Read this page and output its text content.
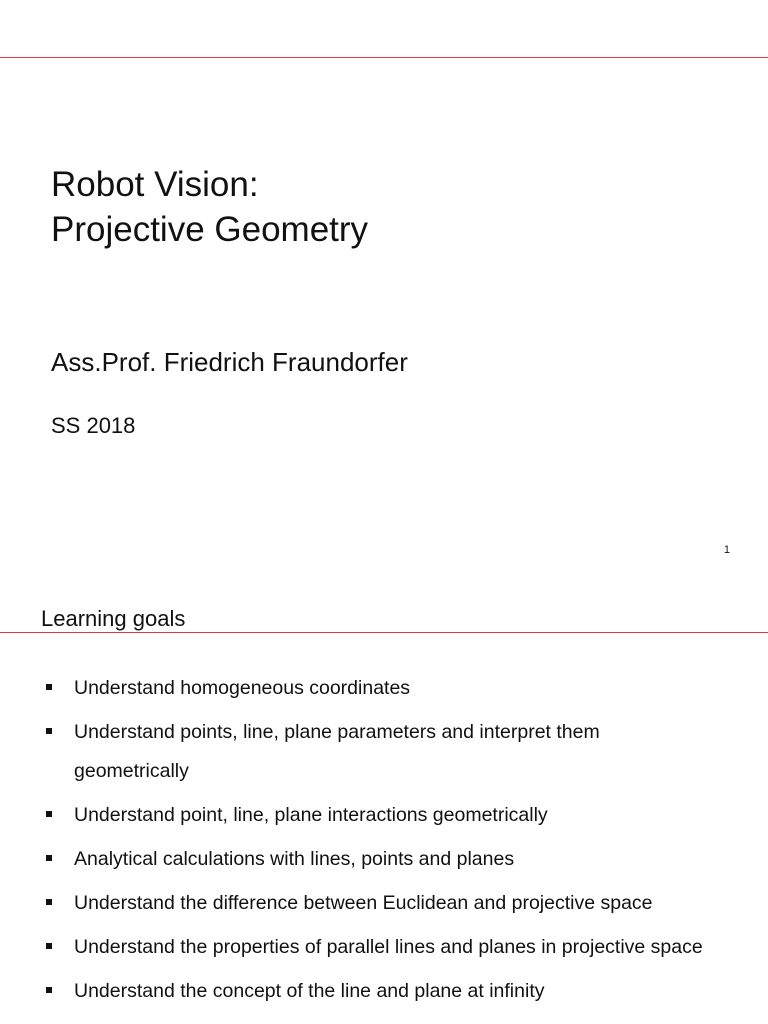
Robot Vision:
Projective Geometry
Ass.Prof. Friedrich Fraundorfer
SS 2018
1
Learning goals
Understand homogeneous coordinates
Understand points, line, plane parameters and interpret them geometrically
Understand point, line, plane interactions geometrically
Analytical calculations with lines, points and planes
Understand the difference between Euclidean and projective space
Understand the properties of parallel lines and planes in projective space
Understand the concept of the line and plane at infinity
